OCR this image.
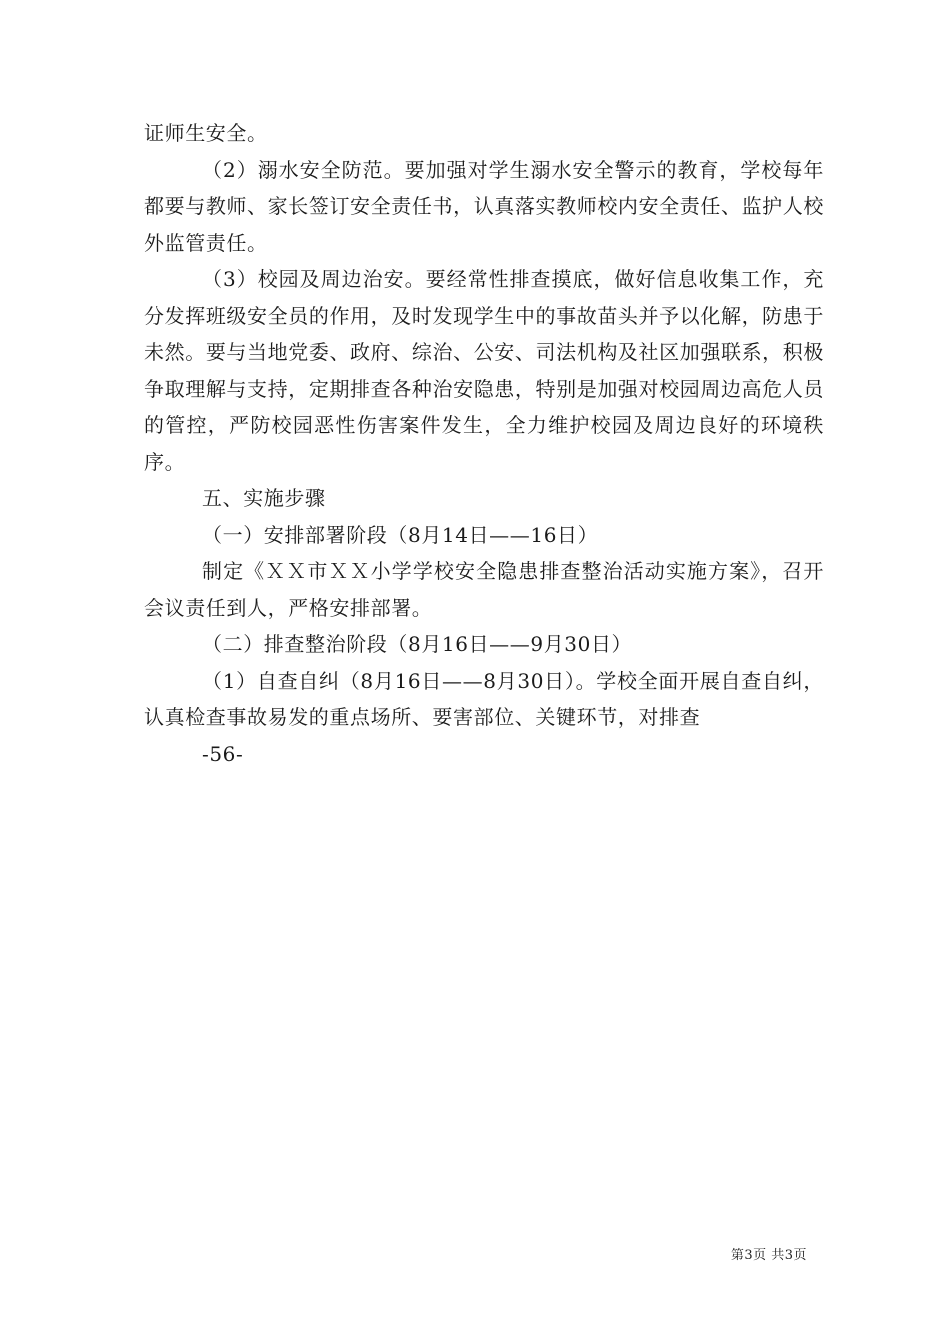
证师生安全。

（2）溺水安全防范。要加强对学生溺水安全警示的教育，学校每年都要与教师、家长签订安全责任书，认真落实教师校内安全责任、监护人校外监管责任。

（3）校园及周边治安。要经常性排查摸底，做好信息收集工作，充分发挥班级安全员的作用，及时发现学生中的事故苗头并予以化解，防患于未然。要与当地党委、政府、综治、公安、司法机构及社区加强联系，积极争取理解与支持，定期排查各种治安隐患，特别是加强对校园周边高危人员的管控，严防校园恶性伤害案件发生，全力维护校园及周边良好的环境秩序。

五、实施步骤

（一）安排部署阶段（8月14日——16日）

制定《ＸＸ市ＸＸ小学学校安全隐患排查整治活动实施方案》，召开会议责任到人，严格安排部署。

（二）排查整治阶段（8月16日——9月30日）

（1）自查自纠（8月16日——8月30日）。学校全面开展自查自纠，认真检查事故易发的重点场所、要害部位、关键环节，对排查

-56-

第3页 共3页
